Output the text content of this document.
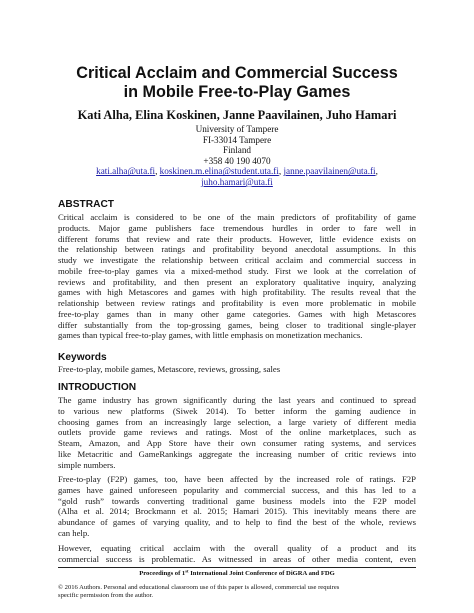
Critical Acclaim and Commercial Success
in Mobile Free-to-Play Games
Kati Alha, Elina Koskinen, Janne Paavilainen, Juho Hamari
University of Tampere
FI-33014 Tampere
Finland
+358 40 190 4070
kati.alha@uta.fi, koskinen.m.elina@student.uta.fi, janne.paavilainen@uta.fi,
juho.hamari@uta.fi
ABSTRACT
Critical acclaim is considered to be one of the main predictors of profitability of game
products. Major game publishers face tremendous hurdles in order to fare well in
different forums that review and rate their products. However, little evidence exists on
the relationship between ratings and profitability beyond anecdotal assumptions. In this
study we investigate the relationship between critical acclaim and commercial success in
mobile free-to-play games via a mixed-method study. First we look at the correlation of
reviews and profitability, and then present an exploratory qualitative inquiry, analyzing
games with high Metascores and games with high profitability. The results reveal that the
relationship between review ratings and profitability is even more problematic in mobile
free-to-play games than in many other game categories. Games with high Metascores
differ substantially from the top-grossing games, being closer to traditional single-player
games than typical free-to-play games, with little emphasis on monetization mechanics.
Keywords
Free-to-play, mobile games, Metascore, reviews, grossing, sales
INTRODUCTION
The game industry has grown significantly during the last years and continued to spread
to various new platforms (Siwek 2014). To better inform the gaming audience in
choosing games from an increasingly large selection, a large variety of different media
outlets provide game reviews and ratings. Most of the online marketplaces, such as
Steam, Amazon, and App Store have their own consumer rating systems, and services
like Metacritic and GameRankings aggregate the increasing number of critic reviews into
simple numbers.
Free-to-play (F2P) games, too, have been affected by the increased role of ratings. F2P
games have gained unforeseen popularity and commercial success, and this has led to a
“gold rush” towards converting traditional game business models into the F2P model
(Alha et al. 2014; Brockmann et al. 2015; Hamari 2015). This inevitably means there are
abundance of games of varying quality, and to help to find the best of the whole, reviews
can help.
However, equating critical acclaim with the overall quality of a product and its
commercial success is problematic. As witnessed in areas of other media content, even
Proceedings of 1st International Joint Conference of DiGRA and FDG
© 2016 Authors. Personal and educational classroom use of this paper is allowed, commercial use requires
specific permission from the author.
